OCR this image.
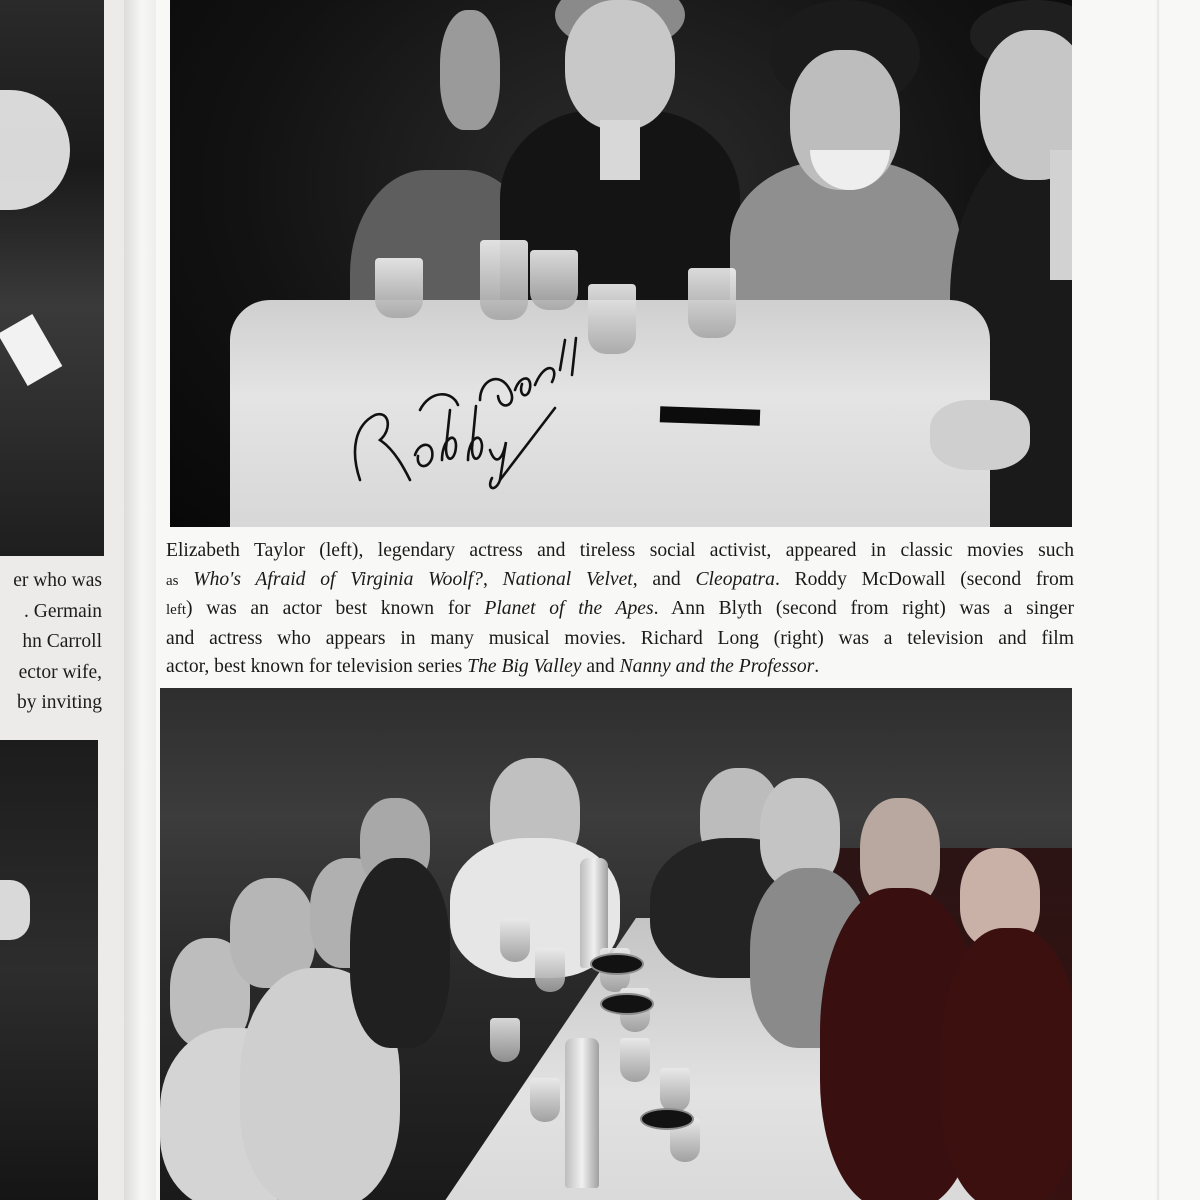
er who was
. Germain
hn Carroll
ector wife,
by inviting
Elizabeth Taylor (left), legendary actress and tireless social activist, appeared in classic movies such
as Who's Afraid of Virginia Woolf?, National Velvet, and Cleopatra. Roddy McDowall (second from
left) was an actor best known for Planet of the Apes. Ann Blyth (second from right) was a singer
and actress who appears in many musical movies. Richard Long (right) was a television and film
actor, best known for television series The Big Valley and Nanny and the Professor.
